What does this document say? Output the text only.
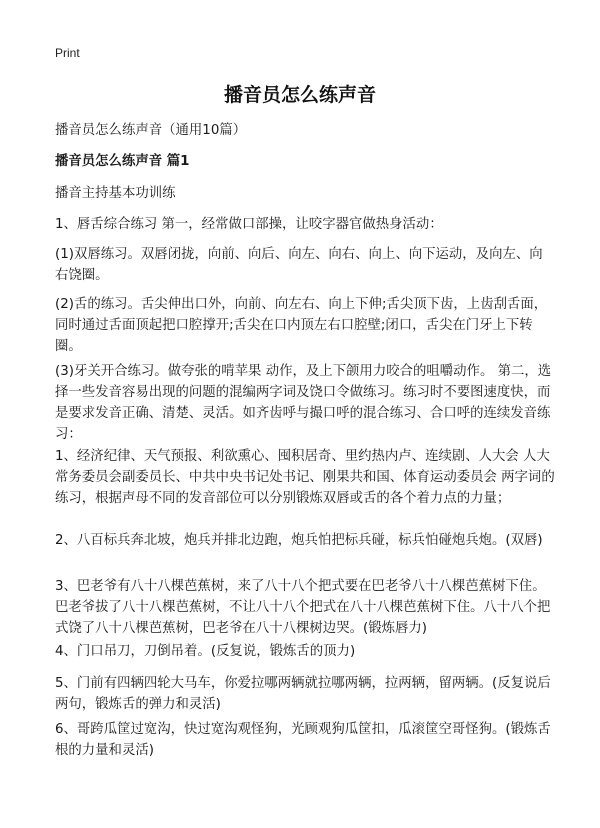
Print
播音员怎么练声音

播音员怎么练声音（通用10篇）

播音员怎么练声音 篇1

播音主持基本功训练

1、唇舌综合练习 第一，经常做口部操，让咬字器官做热身活动：

(1)双唇练习。双唇闭拢，向前、向后、向左、向右、向上、向下运动，及向左、向右饶圈。

(2)舌的练习。舌尖伸出口外，向前、向左右、向上下伸;舌尖顶下齿，上齿刮舌面，同时通过舌面顶起把口腔撑开;舌尖在口内顶左右口腔壁;闭口，舌尖在门牙上下转圈。

(3)牙关开合练习。做夸张的啃苹果 动作，及上下颌用力咬合的咀嚼动作。 第二，选择一些发音容易出现的问题的混编两字词及饶口令做练习。练习时不要图速度快，而是要求发音正确、清楚、灵活。如齐齿呼与撮口呼的混合练习、合口呼的连续发音练习：

1、经济纪律、天气预报、利欲熏心、囤积居奇、里约热内卢、连续剧、人大会 人大常务委员会副委员长、中共中央书记处书记、刚果共和国、体育运动委员会 两字词的练习，根据声母不同的发音部位可以分别锻炼双唇或舌的各个着力点的力量；

2、八百标兵奔北坡，炮兵并排北边跑，炮兵怕把标兵碰，标兵怕碰炮兵炮。(双唇)

3、巴老爷有八十八棵芭蕉树，来了八十八个把式要在巴老爷八十八棵芭蕉树下住。巴老爷拔了八十八棵芭蕉树，不让八十八个把式在八十八棵芭蕉树下住。八十八个把式饶了八十八棵芭蕉树，巴老爷在八十八棵树边哭。(锻炼唇力)

4、门口吊刀，刀倒吊着。(反复说，锻炼舌的顶力)

5、门前有四辆四轮大马车，你爱拉哪两辆就拉哪两辆，拉两辆，留两辆。(反复说后两句，锻炼舌的弹力和灵活)

6、哥跨瓜筐过宽沟，快过宽沟观怪狗，光顾观狗瓜筐扣，瓜滚筐空哥怪狗。(锻炼舌根的力量和灵活)
